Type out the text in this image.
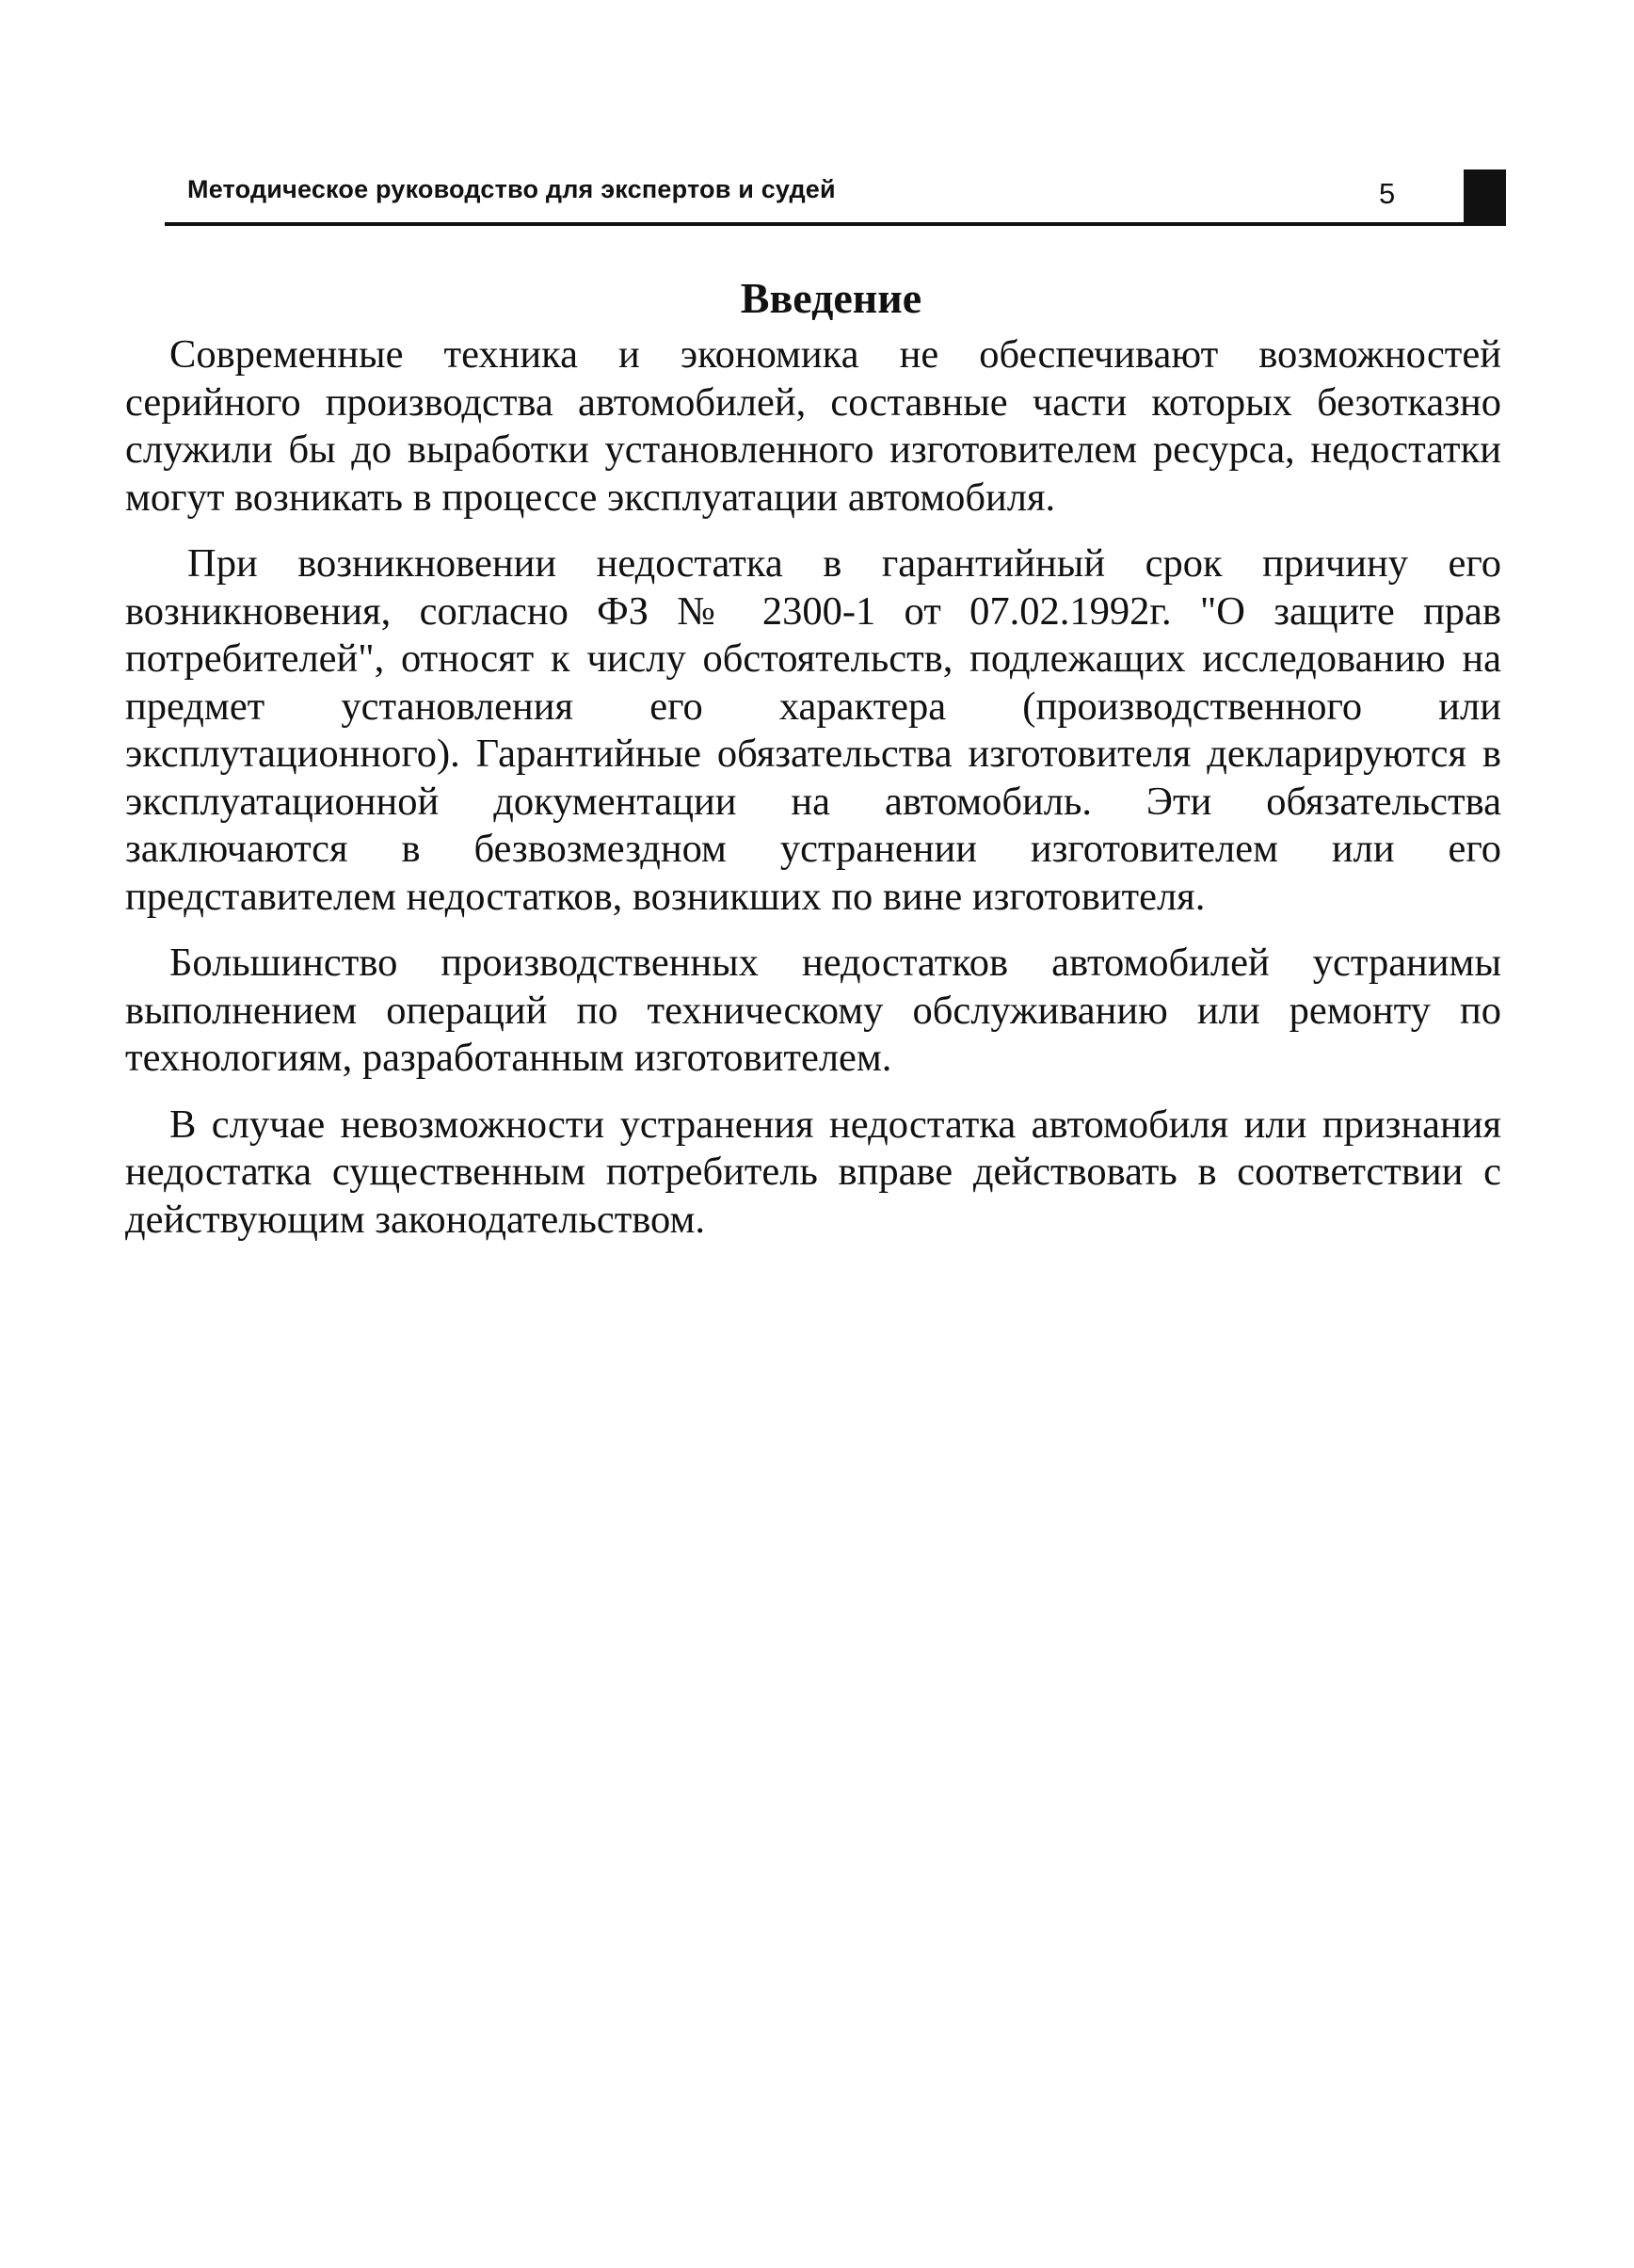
Методическое руководство для экспертов и судей	5
Введение

Современные техника и экономика не обеспечивают возможностей серийного производства автомобилей, составные части которых безотказно служили бы до выработки установленного изготовителем ресурса, недостатки могут возникать в процессе эксплуатации автомобиля.

При возникновении недостатка в гарантийный срок причину его возникновения, согласно ФЗ № 2300-1 от 07.02.1992г. "О защите прав потребителей", относят к числу обстоятельств, подлежащих исследованию на предмет установления его характера (производственного или эксплутационного). Гарантийные обязательства изготовителя декларируются в эксплуатационной документации на автомобиль. Эти обязательства заключаются в безвозмездном устранении изготовителем или его представителем недостатков, возникших по вине изготовителя.

Большинство производственных недостатков автомобилей устранимы выполнением операций по техническому обслуживанию или ремонту по технологиям, разработанным изготовителем.

В случае невозможности устранения недостатка автомобиля или признания недостатка существенным потребитель вправе действовать в соответствии с действующим законодательством.
